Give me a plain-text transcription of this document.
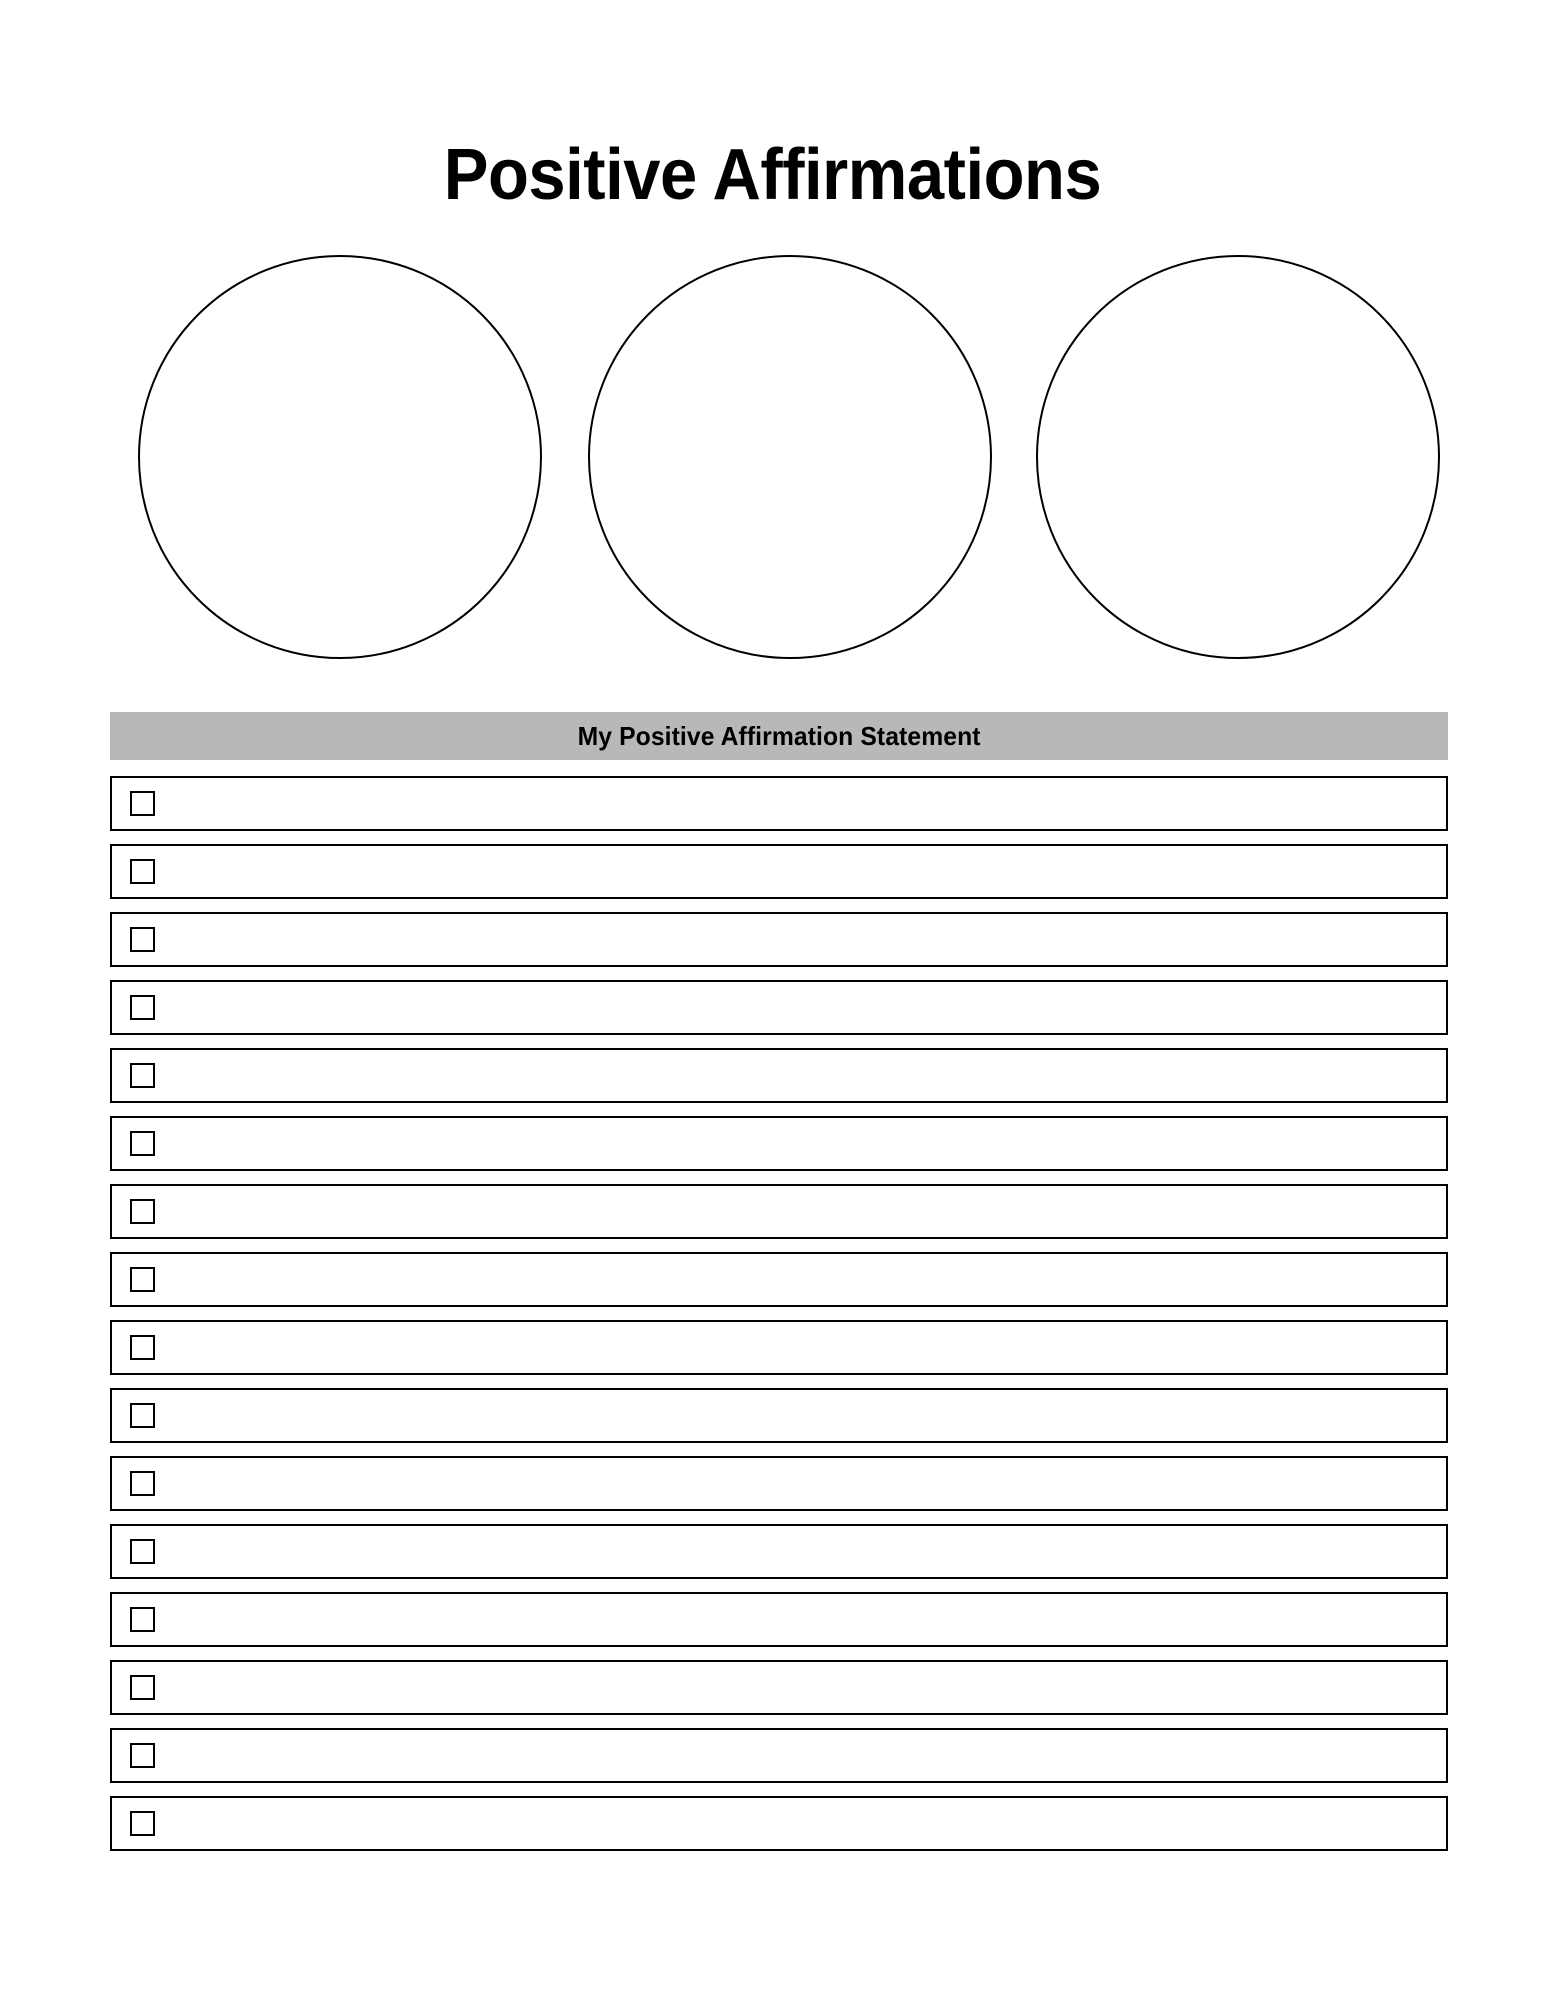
Positive Affirmations
My Positive Affirmation Statement
